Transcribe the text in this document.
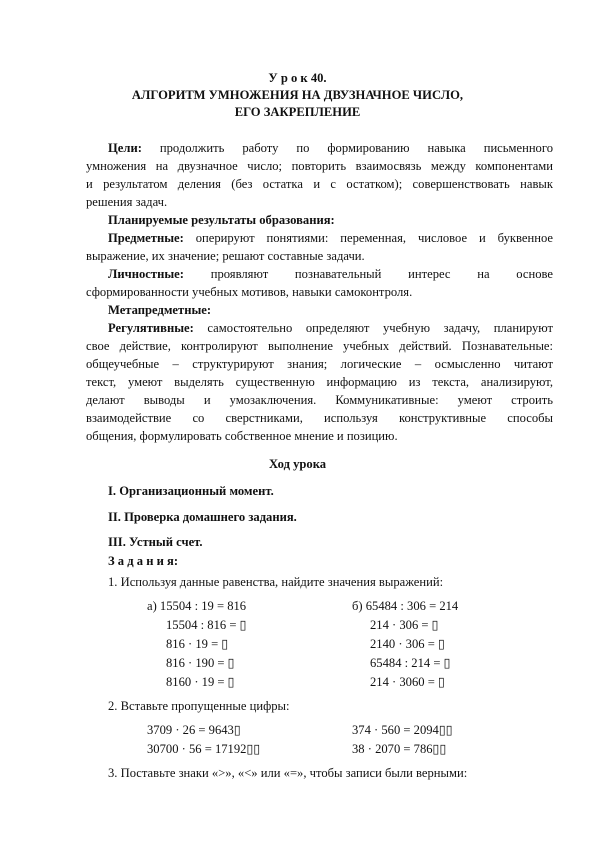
У р о к 40.
АЛГОРИТМ УМНОЖЕНИЯ НА ДВУЗНАЧНОЕ ЧИСЛО,
ЕГО ЗАКРЕПЛЕНИЕ
Цели: продолжить работу по формированию навыка письменного
умножения на двузначное число; повторить взаимосвязь между компонентами
и результатом деления (без остатка и с остатком); совершенствовать навык
решения задач.
Планируемые результаты образования:
Предметные: оперируют понятиями: переменная, числовое и буквенное
выражение, их значение; решают составные задачи.
Личностные: проявляют познавательный интерес на основе
сформированности учебных мотивов, навыки самоконтроля.
Метапредметные:
Регулятивные: самостоятельно определяют учебную задачу, планируют
свое действие, контролируют выполнение учебных действий. Познавательные:
общеучебные – структурируют знания; логические – осмысленно читают
текст, умеют выделять существенную информацию из текста, анализируют,
делают выводы и умозаключения. Коммуникативные: умеют строить
взаимодействие со сверстниками, используя конструктивные способы
общения, формулировать собственное мнение и позицию.
Ход урока
I. Организационный момент.
II. Проверка домашнего задания.
III. Устный счет.
З а д а н и я:
1. Используя данные равенства, найдите значения выражений:
а) 15504 : 19 = 816
15504 : 816 = ▯
816 · 19 = ▯
816 · 190 = ▯
8160 · 19 = ▯
б) 65484 : 306 = 214
214 · 306 = ▯
2140 · 306 = ▯
65484 : 214 = ▯
214 · 3060 = ▯
2. Вставьте пропущенные цифры:
3709 · 26 = 9643▯
30700 · 56 = 17192▯▯
374 · 560 = 2094▯▯
38 · 2070 = 786▯▯
3. Поставьте знаки «>», «<» или «=», чтобы записи были верными:
